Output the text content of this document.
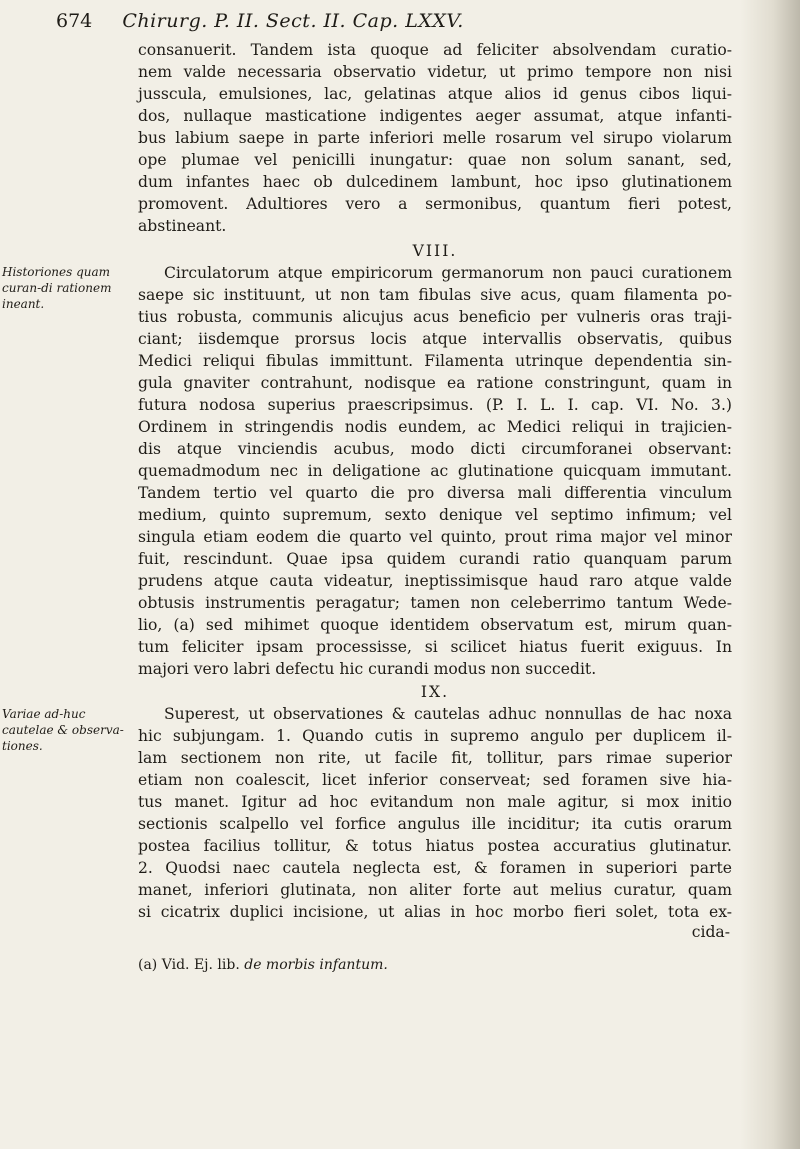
674 Chirurg. P. II. Sect. II. Cap. LXXV.
consanuerit. Tandem ista quoque ad feliciter absolvendam curatio-
nem valde necessaria observatio videtur, ut primo tempore non nisi
jusscula, emulsiones, lac, gelatinas atque alios id genus cibos liqui-
dos, nullaque masticatione indigentes aeger assumat, atque infanti-
bus labium saepe in parte inferiori melle rosarum vel sirupo violarum
ope plumae vel penicilli inungatur: quae non solum sanant, sed,
dum infantes haec ob dulcedinem lambunt, hoc ipso glutinationem
promovent. Adultiores vero a sermonibus, quantum fieri potest,
abstineant.
VIII.
Historiones quam curan-di rationem ineant.
Circulatorum atque empiricorum germanorum non pauci curationem
saepe sic instituunt, ut non tam fibulas sive acus, quam filamenta po-
tius robusta, communis alicujus acus beneficio per vulneris oras traji-
ciant; iisdemque prorsus locis atque intervallis observatis, quibus
Medici reliqui fibulas immittunt. Filamenta utrinque dependentia sin-
gula gnaviter contrahunt, nodisque ea ratione constringunt, quam in
futura nodosa superius praescripsimus. (P. I. L. I. cap. VI. No. 3.)
Ordinem in stringendis nodis eundem, ac Medici reliqui in trajicien-
dis atque vinciendis acubus, modo dicti circumforanei observant:
quemadmodum nec in deligatione ac glutinatione quicquam immutant.
Tandem tertio vel quarto die pro diversa mali differentia vinculum
medium, quinto supremum, sexto denique vel septimo infimum; vel
singula etiam eodem die quarto vel quinto, prout rima major vel minor
fuit, rescindunt. Quae ipsa quidem curandi ratio quanquam parum
prudens atque cauta videatur, ineptissimisque haud raro atque valde
obtusis instrumentis peragatur; tamen non celeberrimo tantum Wede-
lio, (a) sed mihimet quoque identidem observatum est, mirum quan-
tum feliciter ipsam processisse, si scilicet hiatus fuerit exiguus. In
majori vero labri defectu hic curandi modus non succedit.
IX.
Variae ad-huc cautelae & observa-tiones.
Superest, ut observationes & cautelas adhuc nonnullas de hac noxa
hic subjungam. 1. Quando cutis in supremo angulo per duplicem il-
lam sectionem non rite, ut facile fit, tollitur, pars rimae superior
etiam non coalescit, licet inferior conserveat; sed foramen sive hia-
tus manet. Igitur ad hoc evitandum non male agitur, si mox initio
sectionis scalpello vel forfice angulus ille inciditur; ita cutis orarum
postea facilius tollitur, & totus hiatus postea accuratius glutinatur.
2. Quodsi naec cautela neglecta est, & foramen in superiori parte
manet, inferiori glutinata, non aliter forte aut melius curatur, quam
si cicatrix duplici incisione, ut alias in hoc morbo fieri solet, tota ex-
cida-
(a) Vid. Ej. lib. de morbis infantum.
